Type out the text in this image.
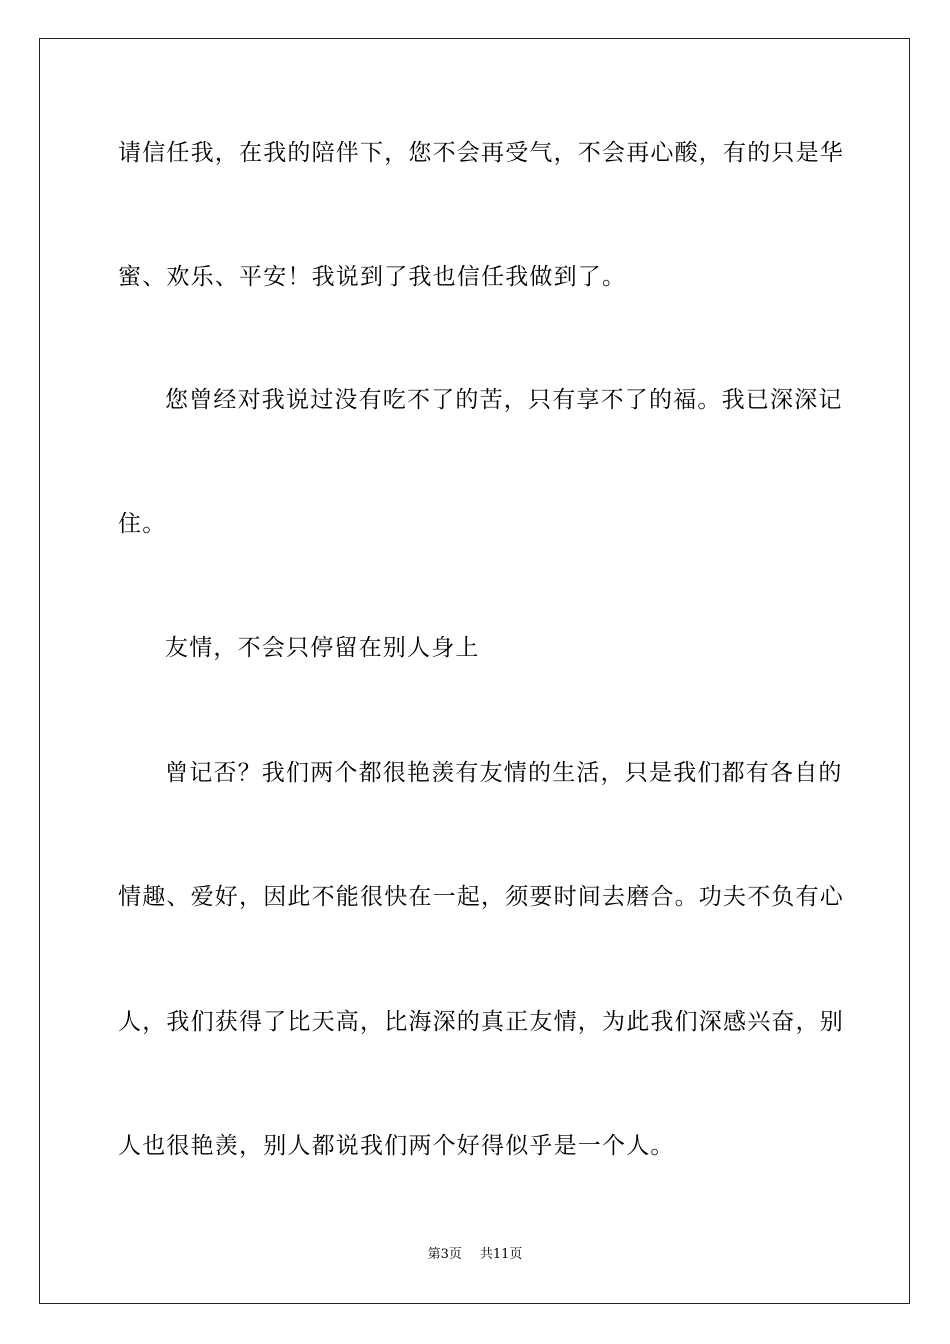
请信任我，在我的陪伴下，您不会再受气，不会再心酸，有的只是华
蜜、欢乐、平安！我说到了我也信任我做到了。
您曾经对我说过没有吃不了的苦，只有享不了的福。我已深深记
住。
友情，不会只停留在别人身上
曾记否？我们两个都很艳羡有友情的生活，只是我们都有各自的
情趣、爱好，因此不能很快在一起，须要时间去磨合。功夫不负有心
人，我们获得了比天高，比海深的真正友情，为此我们深感兴奋，别
人也很艳羡，别人都说我们两个好得似乎是一个人。
第3页 共11页
